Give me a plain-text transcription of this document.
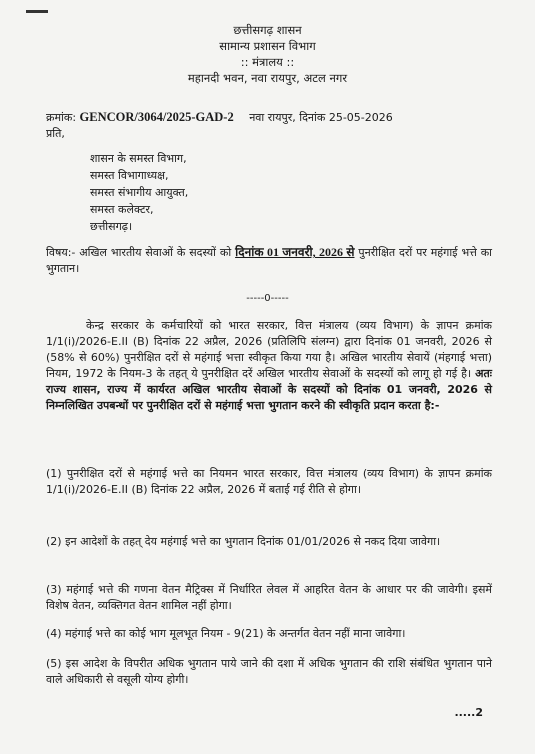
छत्तीसगढ़ शासन
सामान्य प्रशासन विभाग
:: मंत्रालय ::
महानदी भवन, नवा रायपुर, अटल नगर
क्रमांक: GENCOR/3064/2025-GAD-2 नवा रायपुर, दिनांक 25-05-2026
प्रति,
शासन के समस्त विभाग,
समस्त विभागाध्यक्ष,
समस्त संभागीय आयुक्त,
समस्त कलेक्टर,
छत्तीसगढ़।
विषय:- अखिल भारतीय सेवाओं के सदस्यों को दिनांक 01 जनवरी, 2026 से पुनरीक्षित दरों पर महंगाई भत्ते का भुगतान।
-----0-----
केन्द्र सरकार के कर्मचारियों को भारत सरकार, वित्त मंत्रालय (व्यय विभाग) के ज्ञापन क्रमांक 1/1(i)/2026-E.II (B) दिनांक 22 अप्रैल, 2026 (प्रतिलिपि संलग्न) द्वारा दिनांक 01 जनवरी, 2026 से (58% से 60%) पुनरीक्षित दरों से महंगाई भत्ता स्वीकृत किया गया है। अखिल भारतीय सेवायें (मंहगाई भत्ता) नियम, 1972 के नियम-3 के तहत् ये पुनरीक्षित दरें अखिल भारतीय सेवाओं के सदस्यों को लागू हो गई है। अतः राज्य शासन, राज्य में कार्यरत अखिल भारतीय सेवाओं के सदस्यों को दिनांक 01 जनवरी, 2026 से निम्नलिखित उपबन्धों पर पुनरीक्षित दरों से महंगाई भत्ता भुगतान करने की स्वीकृति प्रदान करता है:-
(1) पुनरीक्षित दरों से महंगाई भत्ते का नियमन भारत सरकार, वित्त मंत्रालय (व्यय विभाग) के ज्ञापन क्रमांक 1/1(i)/2026-E.II (B) दिनांक 22 अप्रैल, 2026 में बताई गई रीति से होगा।
(2) इन आदेशों के तहत् देय महंगाई भत्ते का भुगतान दिनांक 01/01/2026 से नकद दिया जावेगा।
(3) महंगाई भत्ते की गणना वेतन मैट्रिक्स में निर्धारित लेवल में आहरित वेतन के आधार पर की जावेगी। इसमें विशेष वेतन, व्यक्तिगत वेतन शामिल नहीं होगा।
(4) महंगाई भत्ते का कोई भाग मूलभूत नियम - 9(21) के अन्तर्गत वेतन नहीं माना जावेगा।
(5) इस आदेश के विपरीत अधिक भुगतान पाये जाने की दशा में अधिक भुगतान की राशि संबंधित भुगतान पाने वाले अधिकारी से वसूली योग्य होगी।
.....2
